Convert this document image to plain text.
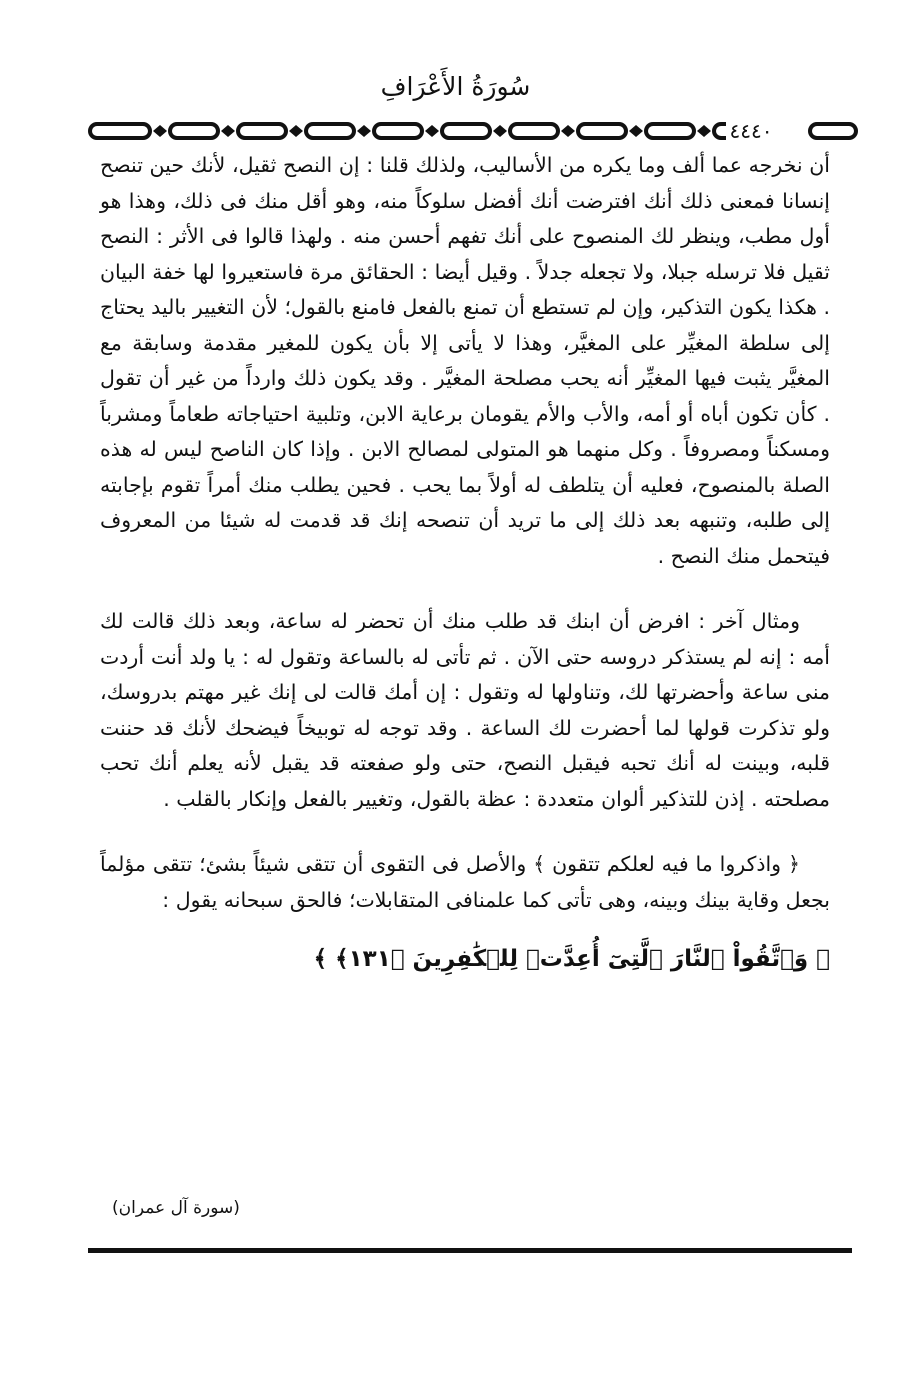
سُورَةُ الأَعْرَافِ
٤٤٤٠

أن نخرجه عما ألف وما يكره من الأساليب، ولذلك قلنا : إن النصح ثقيل، لأنك حين تنصح إنسانا فمعنى ذلك أنك افترضت أنك أفضل سلوكاً منه، وهو أقل منك فى ذلك، وهذا هو أول مطب، وينظر لك المنصوح على أنك تفهم أحسن منه . ولهذا قالوا فى الأثر : النصح ثقيل فلا ترسله جبلا، ولا تجعله جدلاً . وقيل أيضا : الحقائق مرة فاستعيروا لها خفة البيان . هكذا يكون التذكير، وإن لم تستطع أن تمنع بالفعل فامنع بالقول؛ لأن التغيير باليد يحتاج إلى سلطة المغيِّر على المغيَّر، وهذا لا يأتى إلا بأن يكون للمغير مقدمة وسابقة مع المغيَّر يثبت فيها المغيِّر أنه يحب مصلحة المغيَّر . وقد يكون ذلك وارداً من غير أن تقول . كأن تكون أباه أو أمه، والأب والأم يقومان برعاية الابن، وتلبية احتياجاته طعاماً ومشرباً ومسكناً ومصروفاً . وكل منهما هو المتولى لمصالح الابن . وإذا كان الناصح ليس له هذه الصلة بالمنصوح، فعليه أن يتلطف له أولاً بما يحب . فحين يطلب منك أمراً تقوم بإجابته إلى طلبه، وتنبهه بعد ذلك إلى ما تريد أن تنصحه إنك قد قدمت له شيئا من المعروف فيتحمل منك النصح .

ومثال آخر : افرض أن ابنك قد طلب منك أن تحضر له ساعة، وبعد ذلك قالت لك أمه : إنه لم يستذكر دروسه حتى الآن . ثم تأتى له بالساعة وتقول له : يا ولد أنت أردت منى ساعة وأحضرتها لك، وتناولها له وتقول : إن أمك قالت لى إنك غير مهتم بدروسك، ولو تذكرت قولها لما أحضرت لك الساعة . وقد توجه له توبيخاً فيضحك لأنك قد حننت قلبه، وبينت له أنك تحبه فيقبل النصح، حتى ولو صفعته قد يقبل لأنه يعلم أنك تحب مصلحته . إذن للتذكير ألوان متعددة : عظة بالقول، وتغيير بالفعل وإنكار بالقلب .

﴿ واذكروا ما فيه لعلكم تتقون ﴾ والأصل فى التقوى أن تتقى شيئاً بشئ؛ تتقى مؤلماً بجعل وقاية بينك وبينه، وهى تأتى كما علمنافى المتقابلات؛ فالحق سبحانه يقول :

﴿ وَٱتَّقُواْ ٱلنَّارَ ٱلَّتِىٓ أُعِدَّتۡ لِلۡكَٰفِرِينَ ﴿١٣١﴾ ﴾

(سورة آل عمران)
